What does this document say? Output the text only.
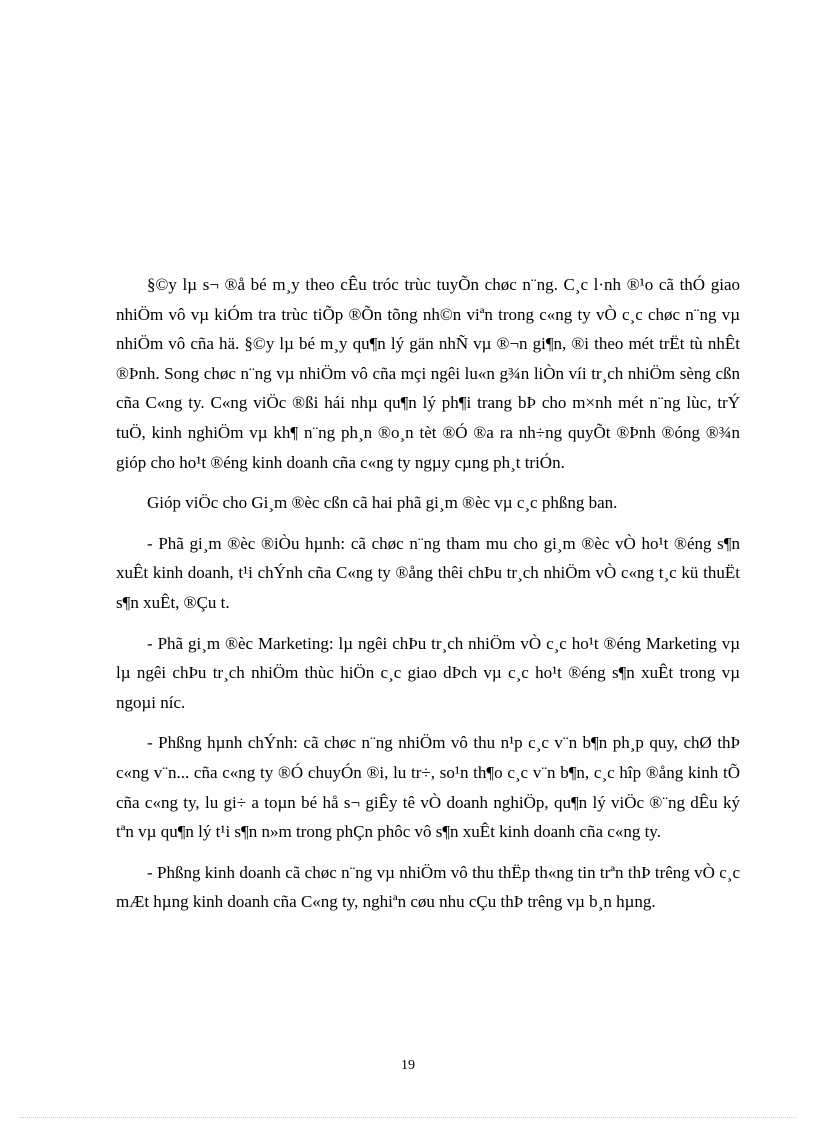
§©y lµ s¬ ®å bé m¸y theo cÊu tróc trùc tuyÕn chøc n¨ng. C¸c l·nh ®¹o cã thÓ giao nhiÖm vô vµ kiÓm tra trùc tiÕp ®Õn tõng nh©n viªn trong c«ng ty vÒ c¸c chøc n¨ng vµ nhiÖm vô cña hä. §©y lµ bé m¸y qu¶n lý gän nhÑ vµ ®¬n gi¶n, ®i theo mét trËt tù nhÊt ®Þnh. Song chøc n¨ng vµ nhiÖm vô cña mçi ngêi lu«n g¾n liÒn víi tr¸ch nhiÖm sèng cßn cña C«ng ty. C«ng viÖc ®ßi hái nhµ qu¶n lý ph¶i trang bÞ cho m×nh mét n¨ng lùc, trÝ tuÖ, kinh nghiÖm vµ kh¶ n¨ng ph¸n ®o¸n tèt ®Ó ®a ra nh÷ng quyÕt ®Þnh ®óng ®¾n gióp cho ho¹t ®éng kinh doanh cña c«ng ty ngµy cµng ph¸t triÓn.

Gióp viÖc cho Gi¸m ®èc cßn cã hai phã gi¸m ®èc vµ c¸c phßng ban.

- Phã gi¸m ®èc ®iÒu hµnh: cã chøc n¨ng tham mu cho gi¸m ®èc vÒ ho¹t ®éng s¶n xuÊt kinh doanh, t¹i chÝnh cña C«ng ty ®ång thêi chÞu tr¸ch nhiÖm vÒ c«ng t¸c kü thuËt s¶n xuÊt, ®Çu t.

- Phã gi¸m ®èc Marketing: lµ ngêi chÞu tr¸ch nhiÖm vÒ c¸c ho¹t ®éng Marketing vµ lµ ngêi chÞu tr¸ch nhiÖm thùc hiÖn c¸c giao dÞch vµ c¸c ho¹t ®éng s¶n xuÊt trong vµ ngoµi níc.

- Phßng hµnh chÝnh: cã chøc n¨ng nhiÖm vô thu n¹p c¸c v¨n b¶n ph¸p quy, chØ thÞ c«ng v¨n... cña c«ng ty ®Ó chuyÓn ®i, lu tr÷, so¹n th¶o c¸c v¨n b¶n, c¸c hîp ®ång kinh tÕ cña c«ng ty, lu gi÷ a toµn bé hå s¬ giÊy tê vÒ doanh nghiÖp, qu¶n lý viÖc ®¨ng dÊu ký tªn vµ qu¶n lý t¹i s¶n n»m trong phÇn phôc vô s¶n xuÊt kinh doanh cña c«ng ty.

- Phßng kinh doanh cã chøc n¨ng vµ nhiÖm vô thu thËp th«ng tin trªn thÞ trêng vÒ c¸c mÆt hµng kinh doanh cña C«ng ty, nghiªn cøu nhu cÇu thÞ trêng vµ b¸n hµng.

19
